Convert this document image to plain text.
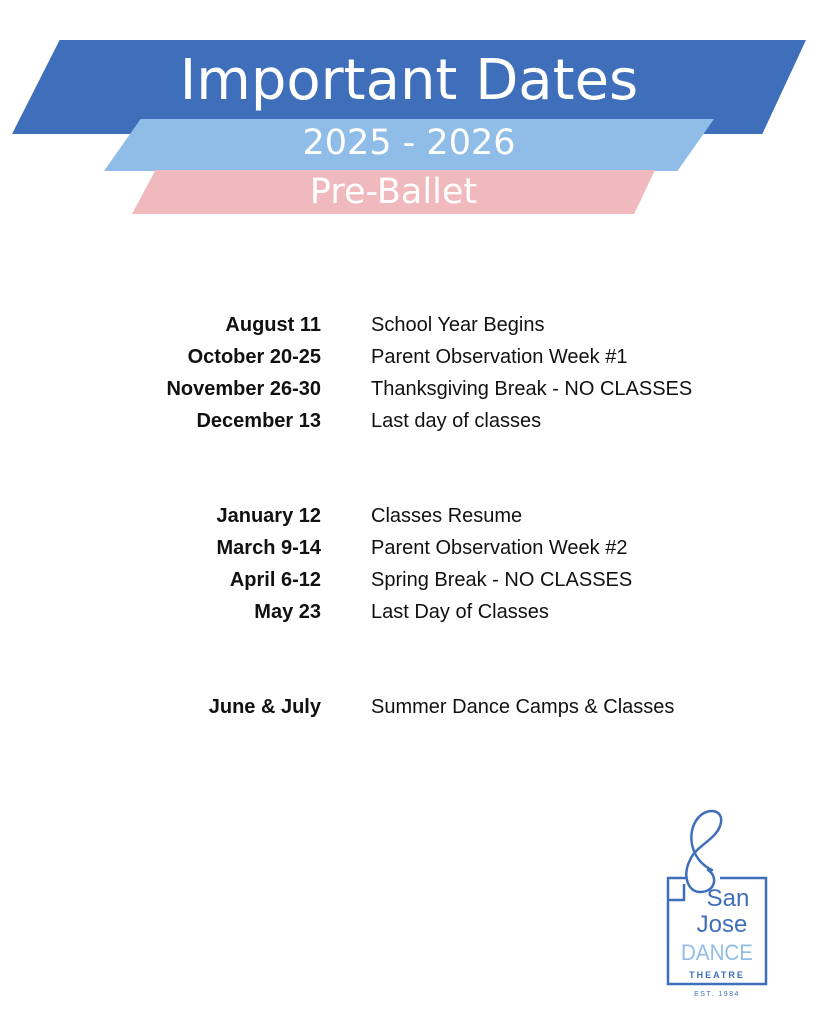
Important Dates
2025 - 2026
Pre-Ballet
August 11	School Year Begins
October 20-25	Parent Observation Week #1
November 26-30	Thanksgiving Break - NO CLASSES
December 13	Last day of classes
January 12	Classes Resume
March 9-14	Parent Observation Week #2
April 6-12	Spring Break - NO CLASSES
May 23	Last Day of Classes
June & July	Summer Dance Camps & Classes
San
Jose
DANCE
THEATRE
EST. 1984
